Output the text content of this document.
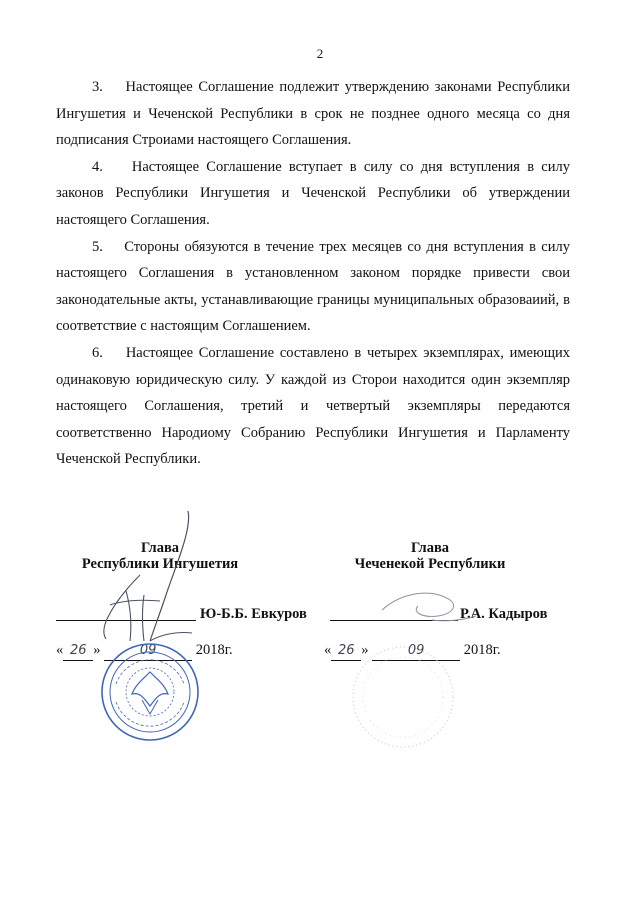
2

3.    Настоящее Соглашение подлежит утверждению законами Республики Ингушетия и Чеченской Республики в срок не позднее одного месяца со дня подписания Строиами настоящего Соглашения.

4.    Настоящее Соглашение вступает в силу со дня вступления в силу законов Республики Ингушетия и Чеченской Республики об утверждении настоящего Соглашения.

5.    Стороны обязуются в течение трех месяцев со дня вступления в силу настоящего Соглашения в установленном законом порядке привести свои законодательные акты, устанавливающие границы муниципальных образоваиий, в соответствие с настоящим Соглашением.

6.    Настоящее Соглашение составлено в четырех экземплярах, имеющих одинаковую юридическую силу. У каждой из Сторои находится один экземпляр настоящего Соглашения, третий и четвертый экземпляры передаются соответственно Народиому Собранию Республики Ингушетия и Парламенту Чеченской Республики.

Глава
Республики Ингушетия
Ю-Б.Б. Евкуров
« 26 »	09	2018г.
Глава
Чеченекой Республики
Р.А. Кадыров
« 26 »	09	2018г.
